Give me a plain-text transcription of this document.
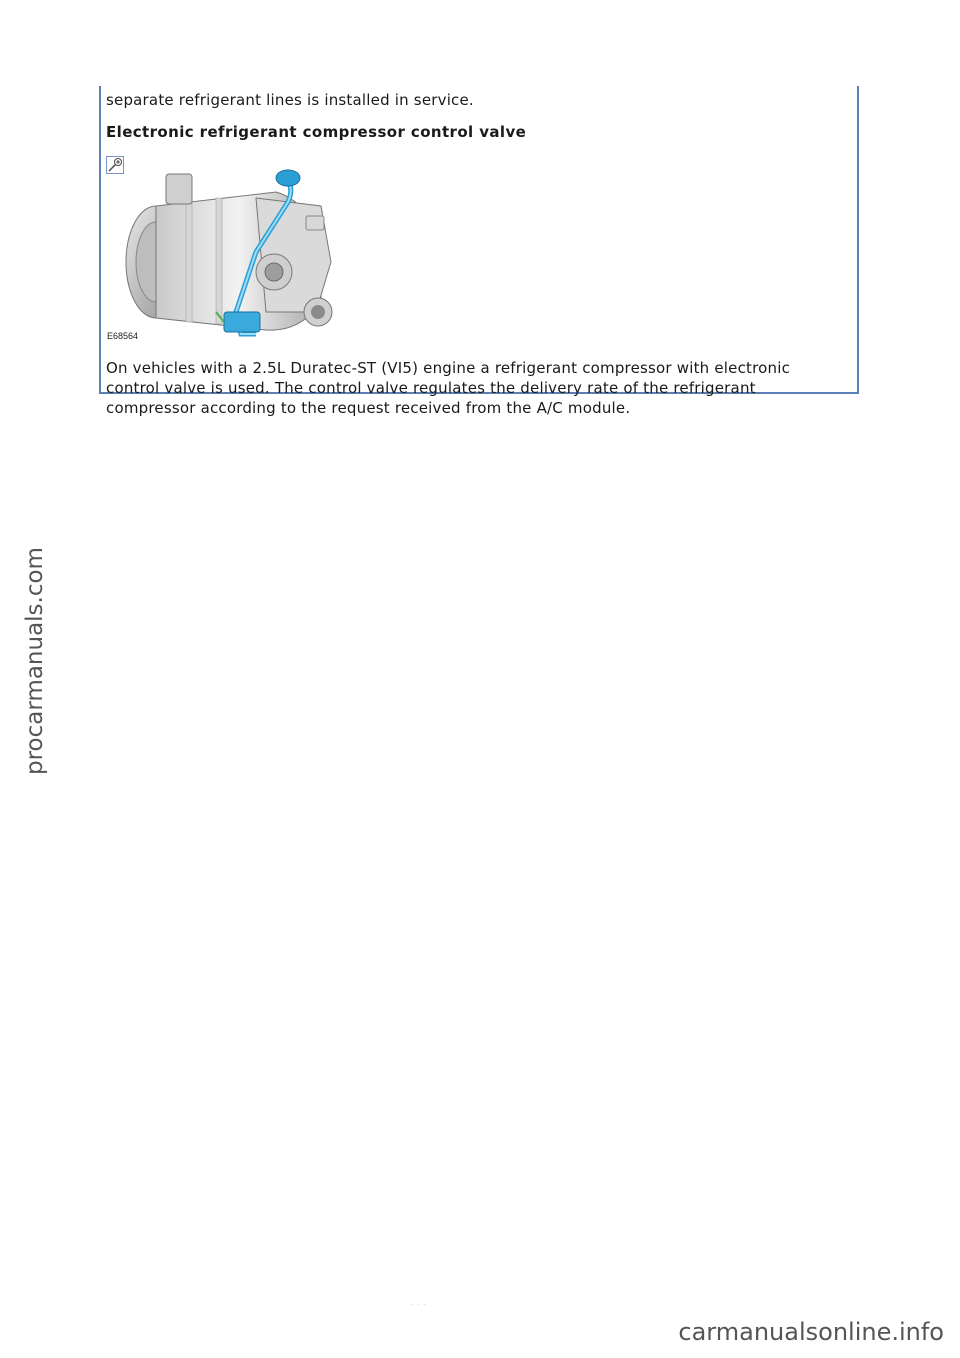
separate refrigerant lines is installed in service.
Electronic refrigerant compressor control valve
E68564
On vehicles with a 2.5L Duratec-ST (VI5) engine a refrigerant compressor with electronic control valve is used. The control valve regulates the delivery rate of the refrigerant compressor according to the request received from the A/C module.
· · ·
procarmanuals.com
carmanualsonline.info
